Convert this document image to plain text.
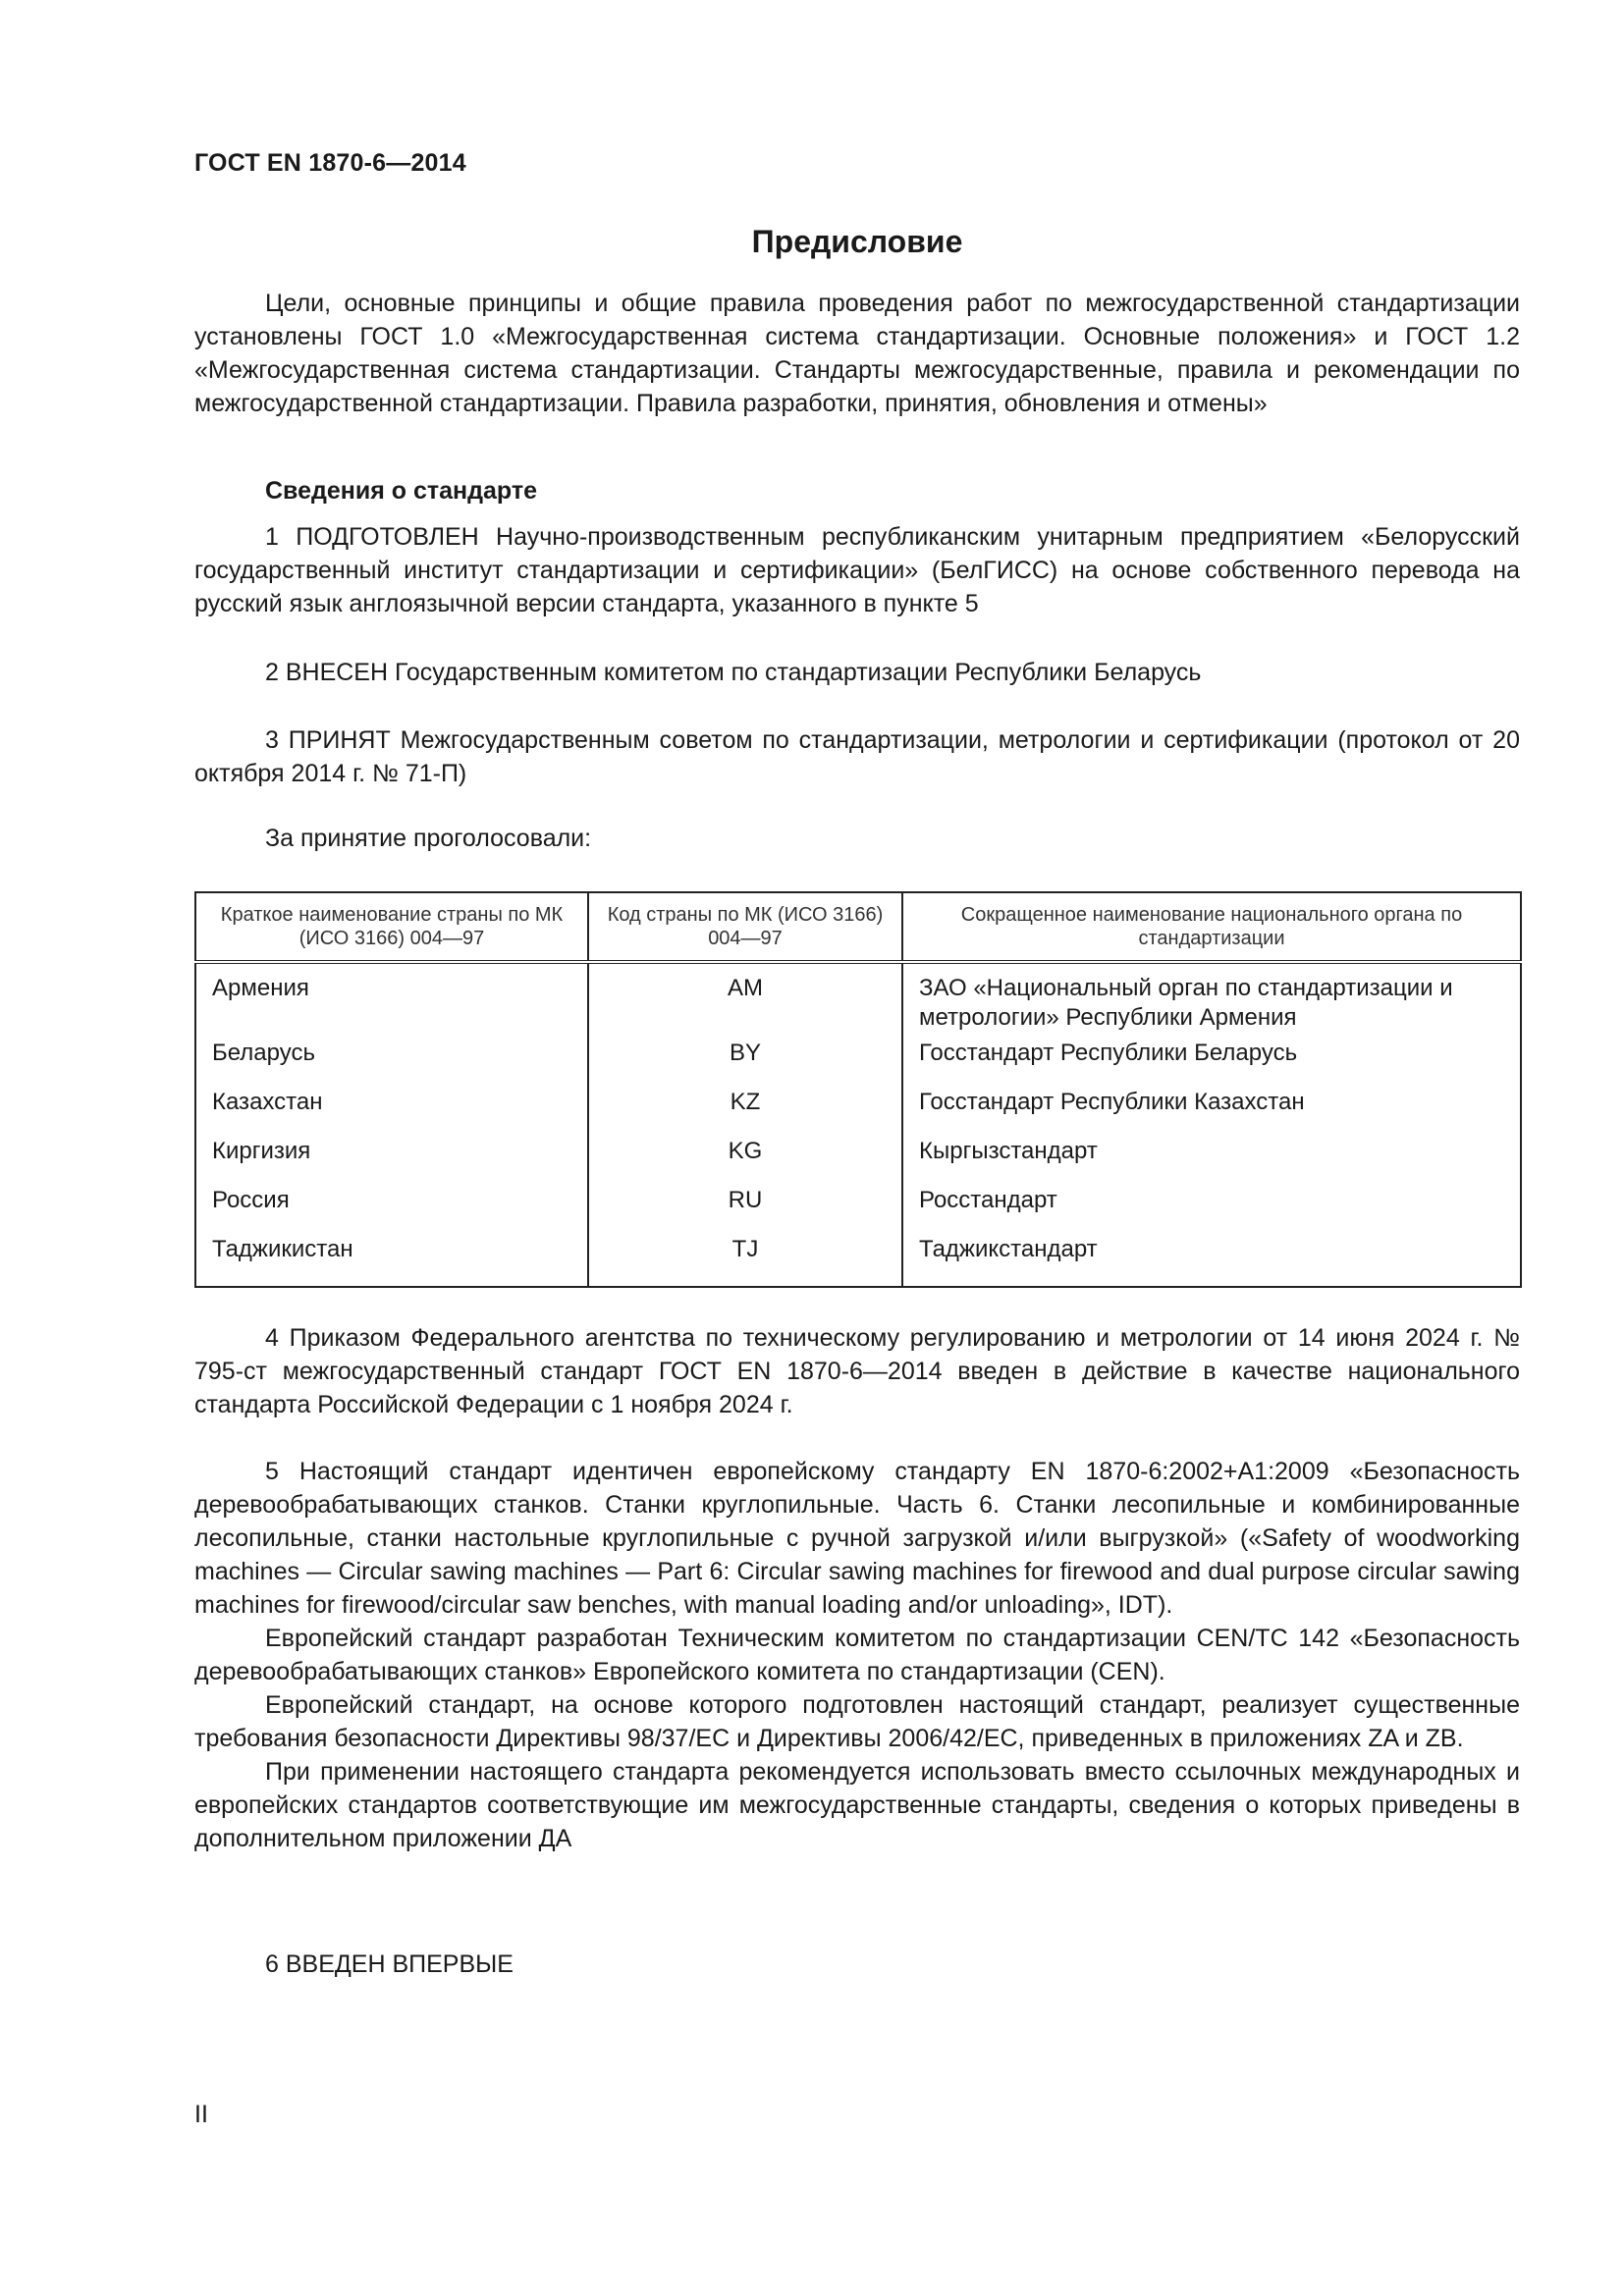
ГОСТ EN 1870-6—2014
Предисловие

Цели, основные принципы и общие правила проведения работ по межгосударственной стандартизации установлены ГОСТ 1.0 «Межгосударственная система стандартизации. Основные положения» и ГОСТ 1.2 «Межгосударственная система стандартизации. Стандарты межгосударственные, правила и рекомендации по межгосударственной стандартизации. Правила разработки, принятия, обновления и отмены»

Сведения о стандарте

1 ПОДГОТОВЛЕН Научно-производственным республиканским унитарным предприятием «Белорусский государственный институт стандартизации и сертификации» (БелГИСС) на основе собственного перевода на русский язык англоязычной версии стандарта, указанного в пункте 5

2 ВНЕСЕН Государственным комитетом по стандартизации Республики Беларусь

3 ПРИНЯТ Межгосударственным советом по стандартизации, метрологии и сертификации (протокол от 20 октября 2014 г. № 71-П)

За принятие проголосовали:
Краткое наименование страны по МК (ИСО 3166) 004—97	Код страны по МК (ИСО 3166) 004—97	Сокращенное наименование национального органа по стандартизации
Армения	AM	ЗАО «Национальный орган по стандартизации и метрологии» Республики Армения
Беларусь	BY	Госстандарт Республики Беларусь
Казахстан	KZ	Госстандарт Республики Казахстан
Киргизия	KG	Кыргызстандарт
Россия	RU	Росстандарт
Таджикистан	TJ	Таджикстандарт

4 Приказом Федерального агентства по техническому регулированию и метрологии от 14 июня 2024 г. № 795-ст межгосударственный стандарт ГОСТ EN 1870-6—2014 введен в действие в качестве национального стандарта Российской Федерации с 1 ноября 2024 г.

5 Настоящий стандарт идентичен европейскому стандарту EN 1870-6:2002+A1:2009 «Безопасность деревообрабатывающих станков. Станки круглопильные. Часть 6. Станки лесопильные и комбинированные лесопильные, станки настольные круглопильные с ручной загрузкой и/или выгрузкой» («Safety of woodworking machines — Circular sawing machines — Part 6: Circular sawing machines for firewood and dual purpose circular sawing machines for firewood/circular saw benches, with manual loading and/or unloading», IDT).

Европейский стандарт разработан Техническим комитетом по стандартизации CEN/TC 142 «Безопасность деревообрабатывающих станков» Европейского комитета по стандартизации (CEN).

Европейский стандарт, на основе которого подготовлен настоящий стандарт, реализует существенные требования безопасности Директивы 98/37/ЕС и Директивы 2006/42/ЕС, приведенных в приложениях ZA и ZB.

При применении настоящего стандарта рекомендуется использовать вместо ссылочных международных и европейских стандартов соответствующие им межгосударственные стандарты, сведения о которых приведены в дополнительном приложении ДА

6 ВВЕДЕН ВПЕРВЫЕ
II
